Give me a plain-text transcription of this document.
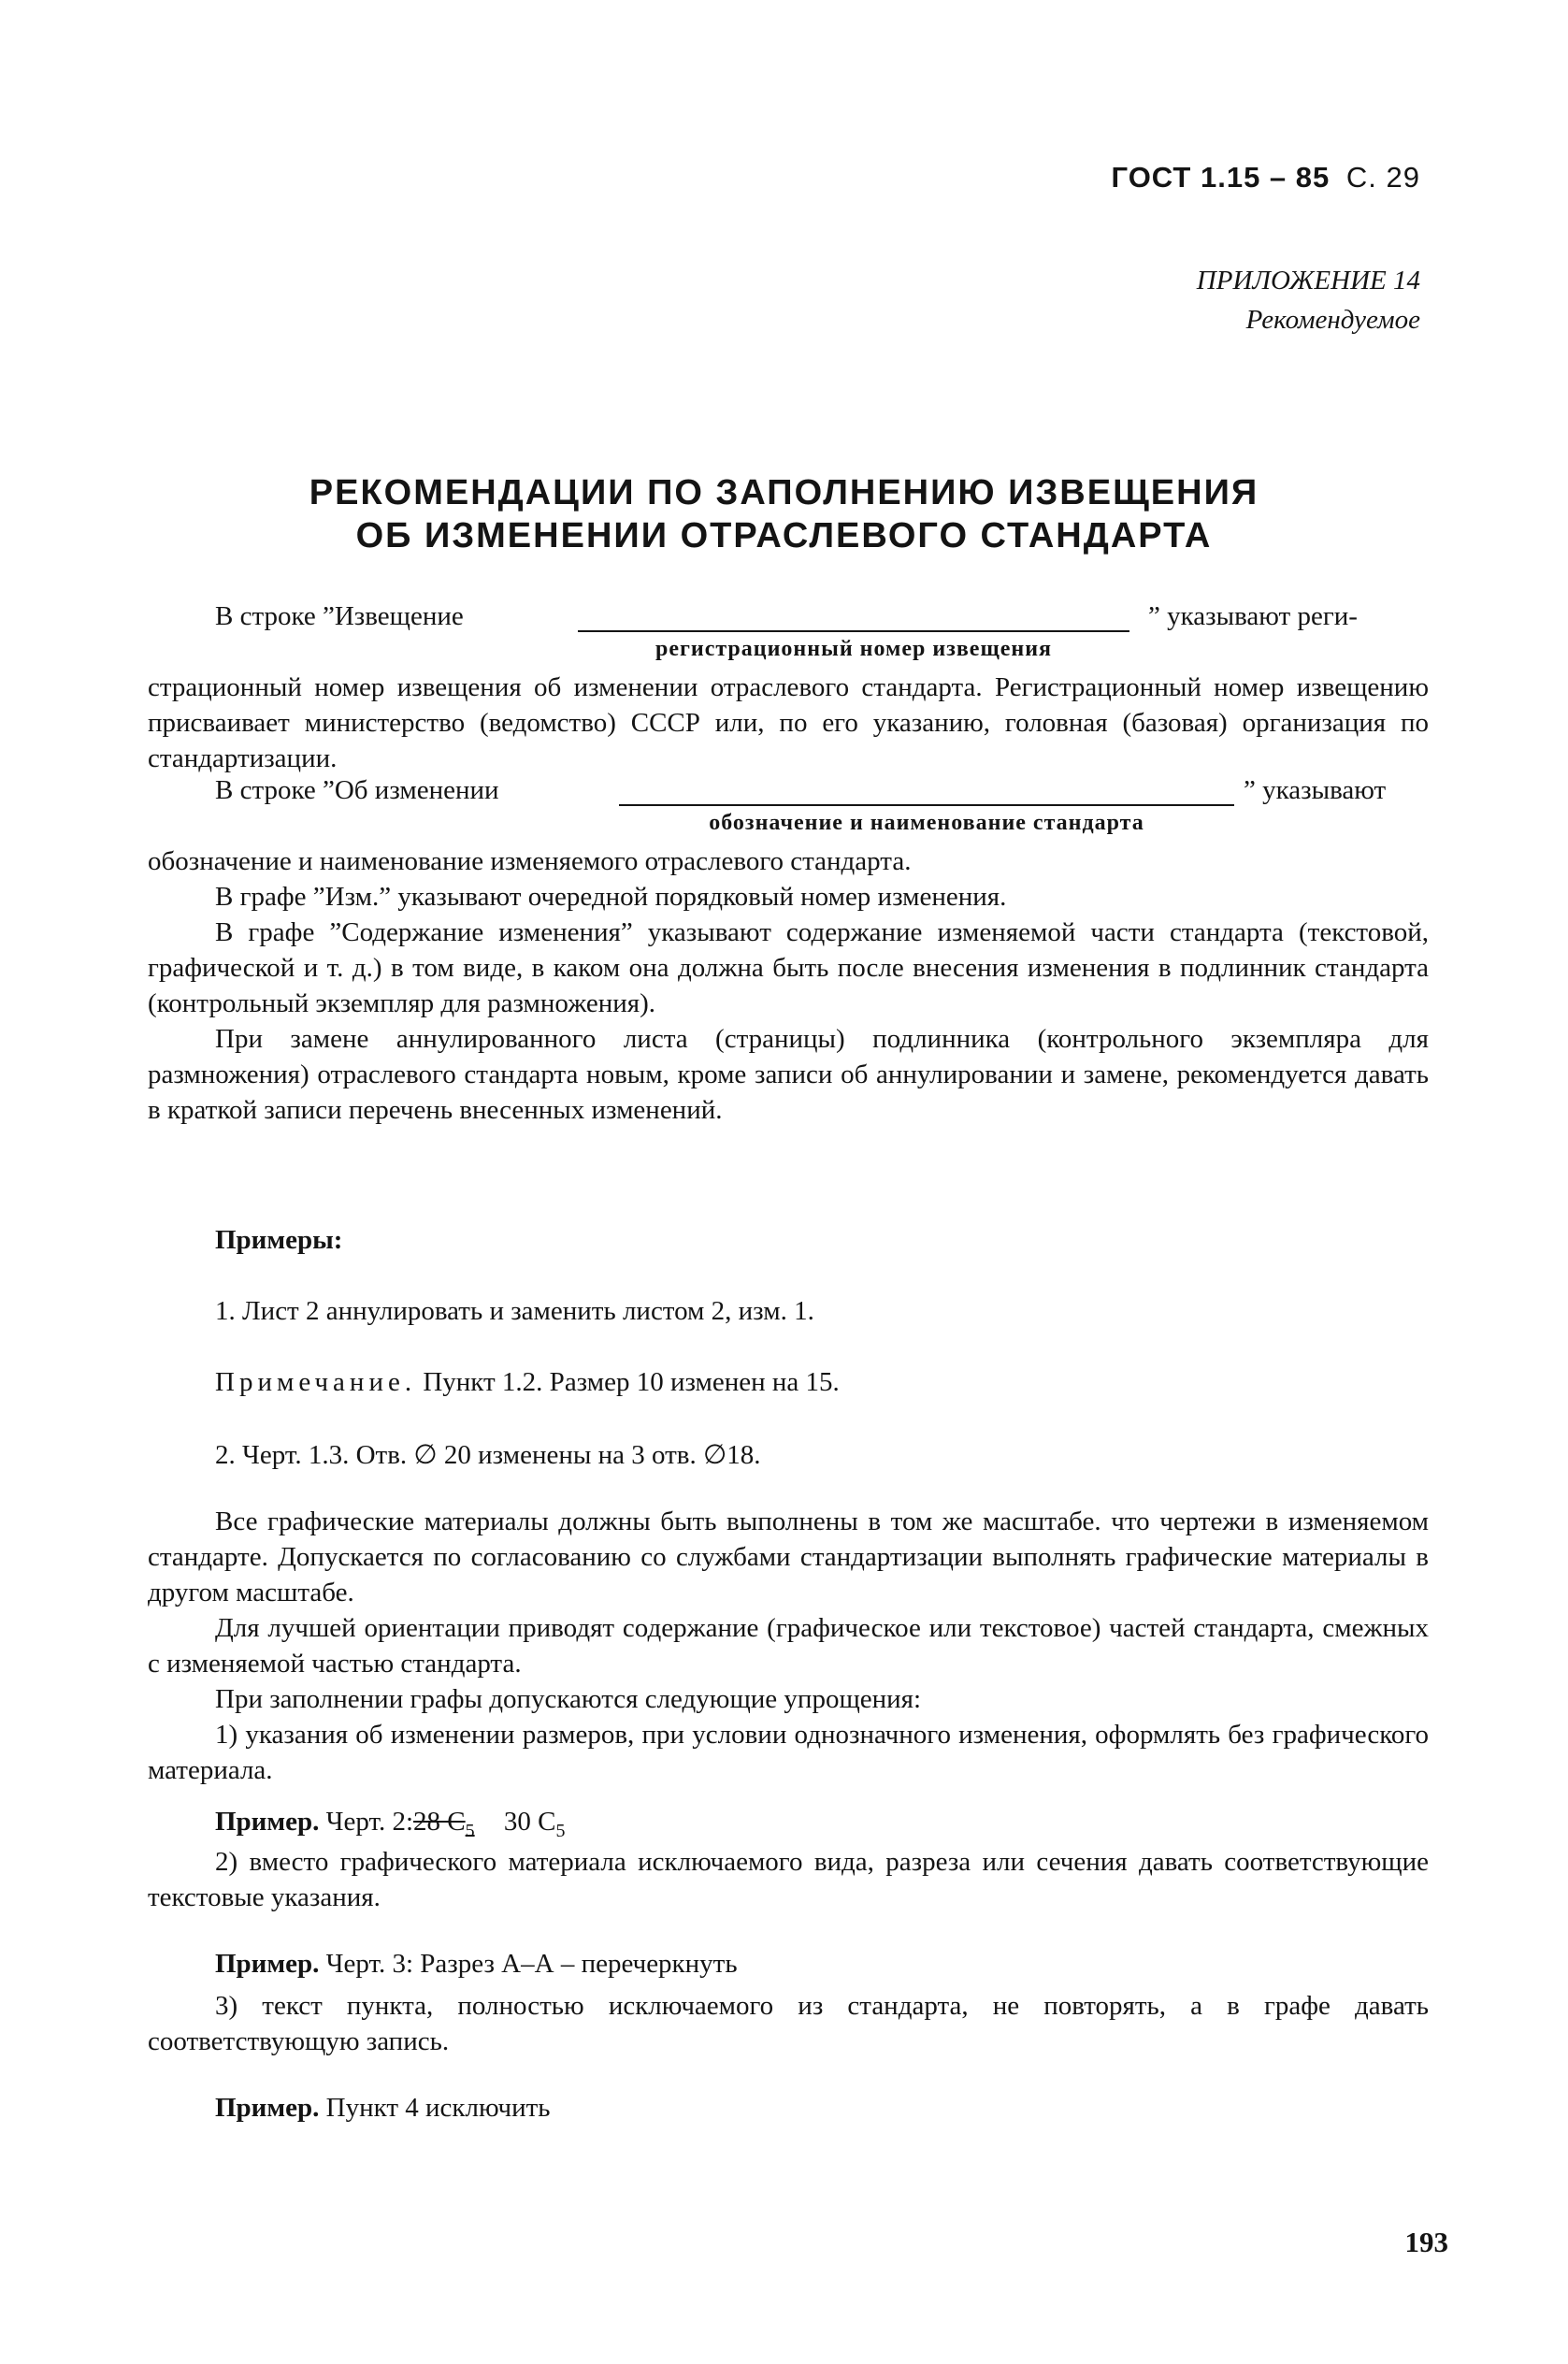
ГОСТ 1.15 – 85 С. 29
ПРИЛОЖЕНИЕ 14
Рекомендуемое
РЕКОМЕНДАЦИИ ПО ЗАПОЛНЕНИЮ ИЗВЕЩЕНИЯ
ОБ ИЗМЕНЕНИИ ОТРАСЛЕВОГО СТАНДАРТА
В строке ”Извещение	” указывают реги-
регистрационный номер извещения

страционный номер извещения об изменении отраслевого стандарта. Регистрационный номер извещению присваивает министерство (ведомство) СССР или, по его указанию, головная (базовая) организация по стандартизации.

В строке ”Об изменении	” указывают
обозначение и наименование стандарта

обозначение и наименование изменяемого отраслевого стандарта.

В графе ”Изм.” указывают очередной порядковый номер изменения.

В графе ”Содержание изменения” указывают содержание изменяемой части стандарта (текстовой, графической и т. д.) в том виде, в каком она должна быть после внесения изменения в подлинник стандарта (контрольный экземпляр для размножения).

При замене аннулированного листа (страницы) подлинника (контрольного экземпляра для размножения) отраслевого стандарта новым, кроме записи об аннулировании и замене, рекомендуется давать в краткой записи перечень внесенных изменений.

Примеры:
1. Лист 2 аннулировать и заменить листом 2, изм. 1.
Примечание. Пункт 1.2. Размер 10 изменен на 15.
2. Черт. 1.3. Отв. ∅ 20 изменены на 3 отв. ∅18.

Все графические материалы должны быть выполнены в том же масштабе. что чертежи в изменяемом стандарте. Допускается по согласованию со службами стандартизации выполнять графические материалы в другом масштабе.

Для лучшей ориентации приводят содержание (графическое или текстовое) частей стандарта, смежных с изменяемой частью стандарта.

При заполнении графы допускаются следующие упрощения:

1) указания об изменении размеров, при условии однозначного изменения, оформлять без графического материала.

Пример. Черт. 2:28 $C_5$ 30 $C_5$

2) вместо графического материала исключаемого вида, разреза или сечения давать соответствующие текстовые указания.

Пример. Черт. 3: Разрез А–А – перечеркнуть

3) текст пункта, полностью исключаемого из стандарта, не повторять, а в графе давать соответствующую запись.

Пример. Пункт 4 исключить
193
